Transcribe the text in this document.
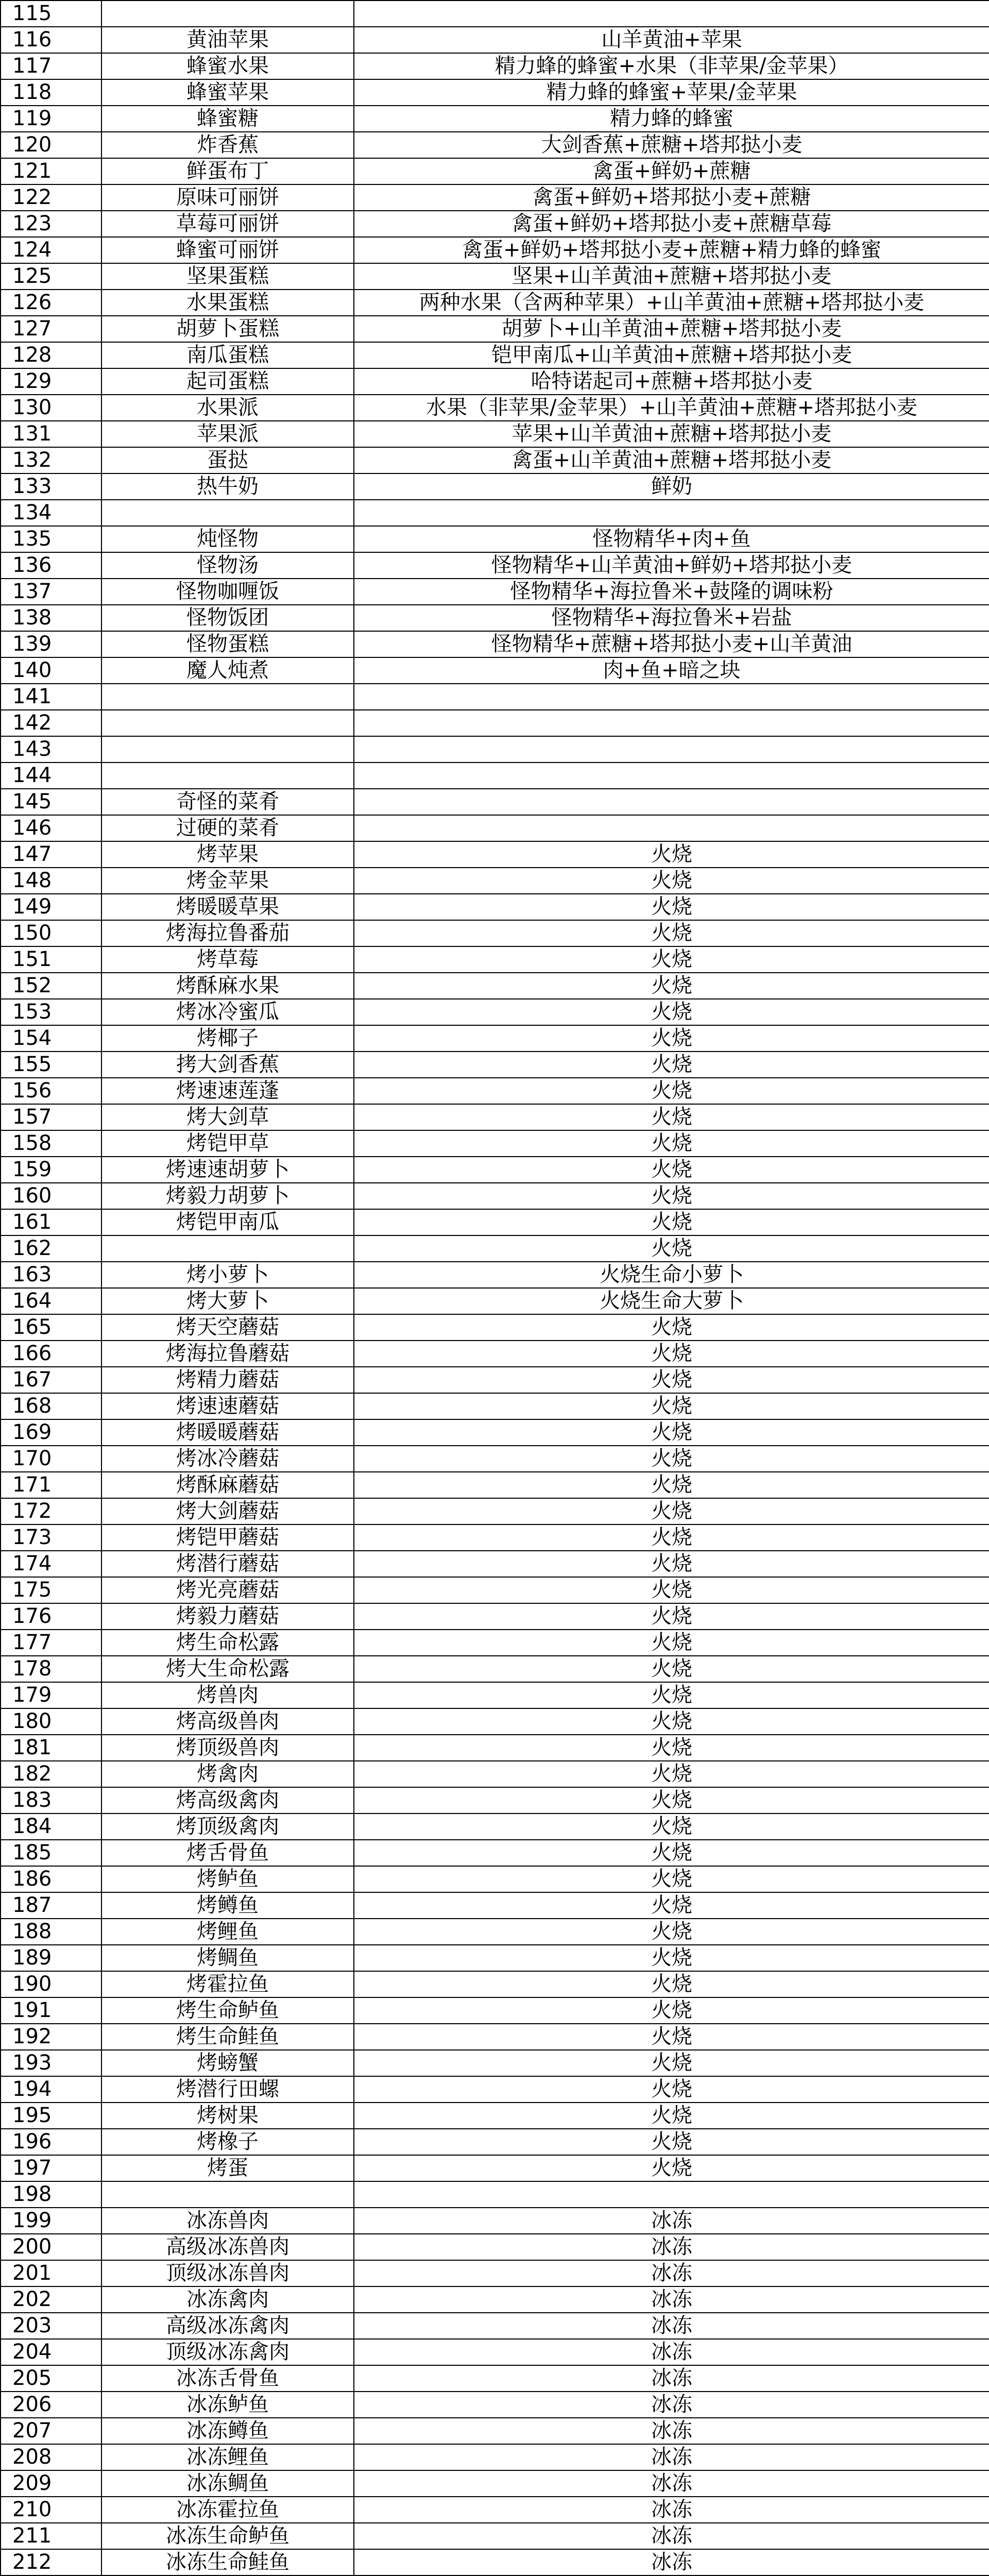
115		
116	黄油苹果	山羊黄油+苹果
117	蜂蜜水果	精力蜂的蜂蜜+水果（非苹果/金苹果）
118	蜂蜜苹果	精力蜂的蜂蜜+苹果/金苹果
119	蜂蜜糖	精力蜂的蜂蜜
120	炸香蕉	大剑香蕉+蔗糖+塔邦挞小麦
121	鲜蛋布丁	禽蛋+鲜奶+蔗糖
122	原味可丽饼	禽蛋+鲜奶+塔邦挞小麦+蔗糖
123	草莓可丽饼	禽蛋+鲜奶+塔邦挞小麦+蔗糖草莓
124	蜂蜜可丽饼	禽蛋+鲜奶+塔邦挞小麦+蔗糖+精力蜂的蜂蜜
125	坚果蛋糕	坚果+山羊黄油+蔗糖+塔邦挞小麦
126	水果蛋糕	两种水果（含两种苹果）+山羊黄油+蔗糖+塔邦挞小麦
127	胡萝卜蛋糕	胡萝卜+山羊黄油+蔗糖+塔邦挞小麦
128	南瓜蛋糕	铠甲南瓜+山羊黄油+蔗糖+塔邦挞小麦
129	起司蛋糕	哈特诺起司+蔗糖+塔邦挞小麦
130	水果派	水果（非苹果/金苹果）+山羊黄油+蔗糖+塔邦挞小麦
131	苹果派	苹果+山羊黄油+蔗糖+塔邦挞小麦
132	蛋挞	禽蛋+山羊黄油+蔗糖+塔邦挞小麦
133	热牛奶	鲜奶
134		
135	炖怪物	怪物精华+肉+鱼
136	怪物汤	怪物精华+山羊黄油+鲜奶+塔邦挞小麦
137	怪物咖喱饭	怪物精华+海拉鲁米+鼓隆的调味粉
138	怪物饭团	怪物精华+海拉鲁米+岩盐
139	怪物蛋糕	怪物精华+蔗糖+塔邦挞小麦+山羊黄油
140	魔人炖煮	肉+鱼+暗之块
141		
142		
143		
144		
145	奇怪的菜肴	
146	过硬的菜肴	
147	烤苹果	火烧
148	烤金苹果	火烧
149	烤暖暖草果	火烧
150	烤海拉鲁番茄	火烧
151	烤草莓	火烧
152	烤酥麻水果	火烧
153	烤冰冷蜜瓜	火烧
154	烤椰子	火烧
155	拷大剑香蕉	火烧
156	烤速速莲蓬	火烧
157	烤大剑草	火烧
158	烤铠甲草	火烧
159	烤速速胡萝卜	火烧
160	烤毅力胡萝卜	火烧
161	烤铠甲南瓜	火烧
162		火烧
163	烤小萝卜	火烧生命小萝卜
164	烤大萝卜	火烧生命大萝卜
165	烤天空蘑菇	火烧
166	烤海拉鲁蘑菇	火烧
167	烤精力蘑菇	火烧
168	烤速速蘑菇	火烧
169	烤暖暖蘑菇	火烧
170	烤冰冷蘑菇	火烧
171	烤酥麻蘑菇	火烧
172	烤大剑蘑菇	火烧
173	烤铠甲蘑菇	火烧
174	烤潜行蘑菇	火烧
175	烤光亮蘑菇	火烧
176	烤毅力蘑菇	火烧
177	烤生命松露	火烧
178	烤大生命松露	火烧
179	烤兽肉	火烧
180	烤高级兽肉	火烧
181	烤顶级兽肉	火烧
182	烤禽肉	火烧
183	烤高级禽肉	火烧
184	烤顶级禽肉	火烧
185	烤舌骨鱼	火烧
186	烤鲈鱼	火烧
187	烤鳟鱼	火烧
188	烤鲤鱼	火烧
189	烤鲷鱼	火烧
190	烤霍拉鱼	火烧
191	烤生命鲈鱼	火烧
192	烤生命鲑鱼	火烧
193	烤螃蟹	火烧
194	烤潜行田螺	火烧
195	烤树果	火烧
196	烤橡子	火烧
197	烤蛋	火烧
198		
199	冰冻兽肉	冰冻
200	高级冰冻兽肉	冰冻
201	顶级冰冻兽肉	冰冻
202	冰冻禽肉	冰冻
203	高级冰冻禽肉	冰冻
204	顶级冰冻禽肉	冰冻
205	冰冻舌骨鱼	冰冻
206	冰冻鲈鱼	冰冻
207	冰冻鳟鱼	冰冻
208	冰冻鲤鱼	冰冻
209	冰冻鲷鱼	冰冻
210	冰冻霍拉鱼	冰冻
211	冰冻生命鲈鱼	冰冻
212	冰冻生命鲑鱼	冰冻
